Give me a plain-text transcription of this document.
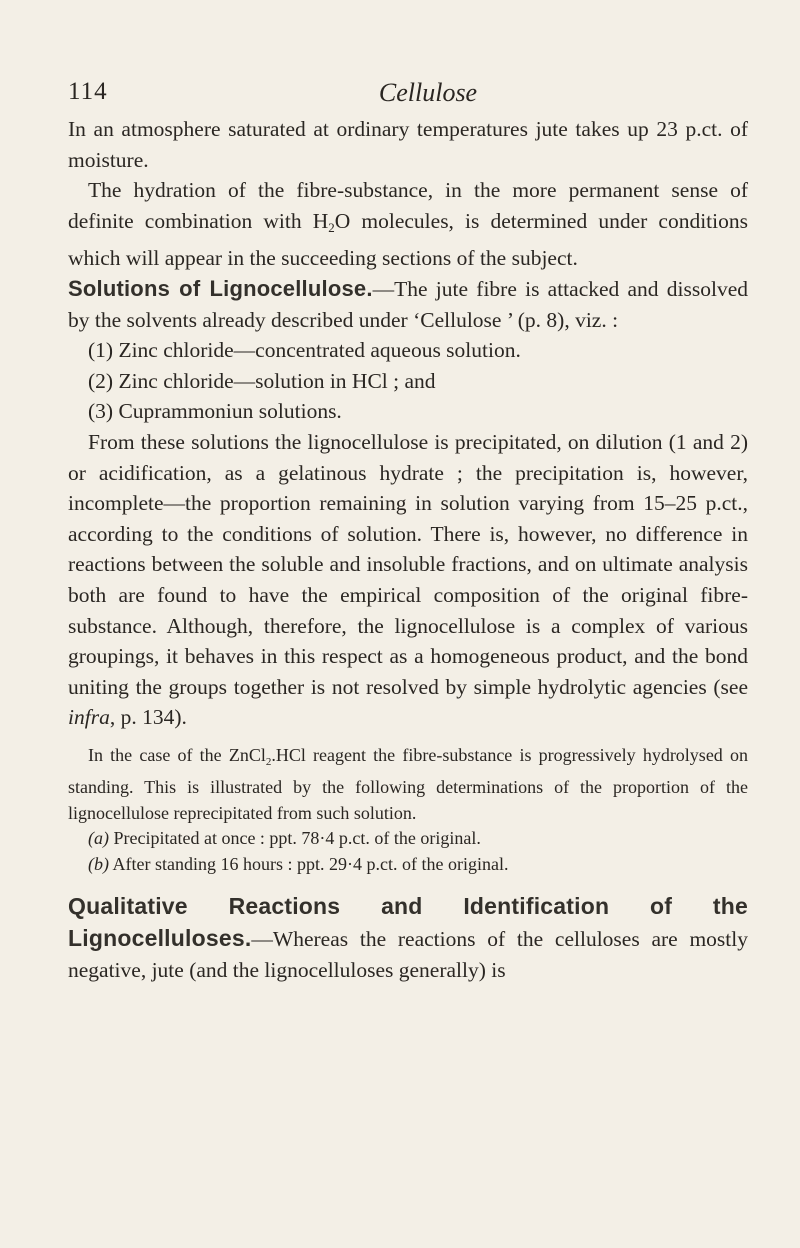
114	Cellulose

In an atmosphere saturated at ordinary temperatures jute takes up 23 p.ct. of moisture.

The hydration of the fibre-substance, in the more permanent sense of definite combination with $H_2O$ molecules, is determined under conditions which will appear in the succeeding sections of the subject.

Solutions of Lignocellulose.—The jute fibre is attacked and dissolved by the solvents already described under ‘Cellulose ’ (p. 8), viz. :

(1) Zinc chloride—concentrated aqueous solution.

(2) Zinc chloride—solution in HCl ; and

(3) Cuprammoniun solutions.

From these solutions the lignocellulose is precipitated, on dilution (1 and 2) or acidification, as a gelatinous hydrate ; the precipitation is, however, incomplete—the proportion remaining in solution varying from 15–25 p.ct., according to the conditions of solution. There is, however, no difference in reactions between the soluble and insoluble fractions, and on ultimate analysis both are found to have the empirical composition of the original fibre-substance. Although, therefore, the lignocellulose is a complex of various groupings, it behaves in this respect as a homogeneous product, and the bond uniting the groups together is not resolved by simple hydrolytic agencies (see infra, p. 134).

In the case of the ZnCl$_2$.HCl reagent the fibre-substance is progressively hydrolysed on standing. This is illustrated by the following determinations of the proportion of the lignocellulose reprecipitated from such solution.

(a) Precipitated at once : ppt. 78·4 p.ct. of the original.

(b) After standing 16 hours : ppt. 29·4 p.ct. of the original.

Qualitative Reactions and Identification of the Lignocelluloses.—Whereas the reactions of the celluloses are mostly negative, jute (and the lignocelluloses generally) is
